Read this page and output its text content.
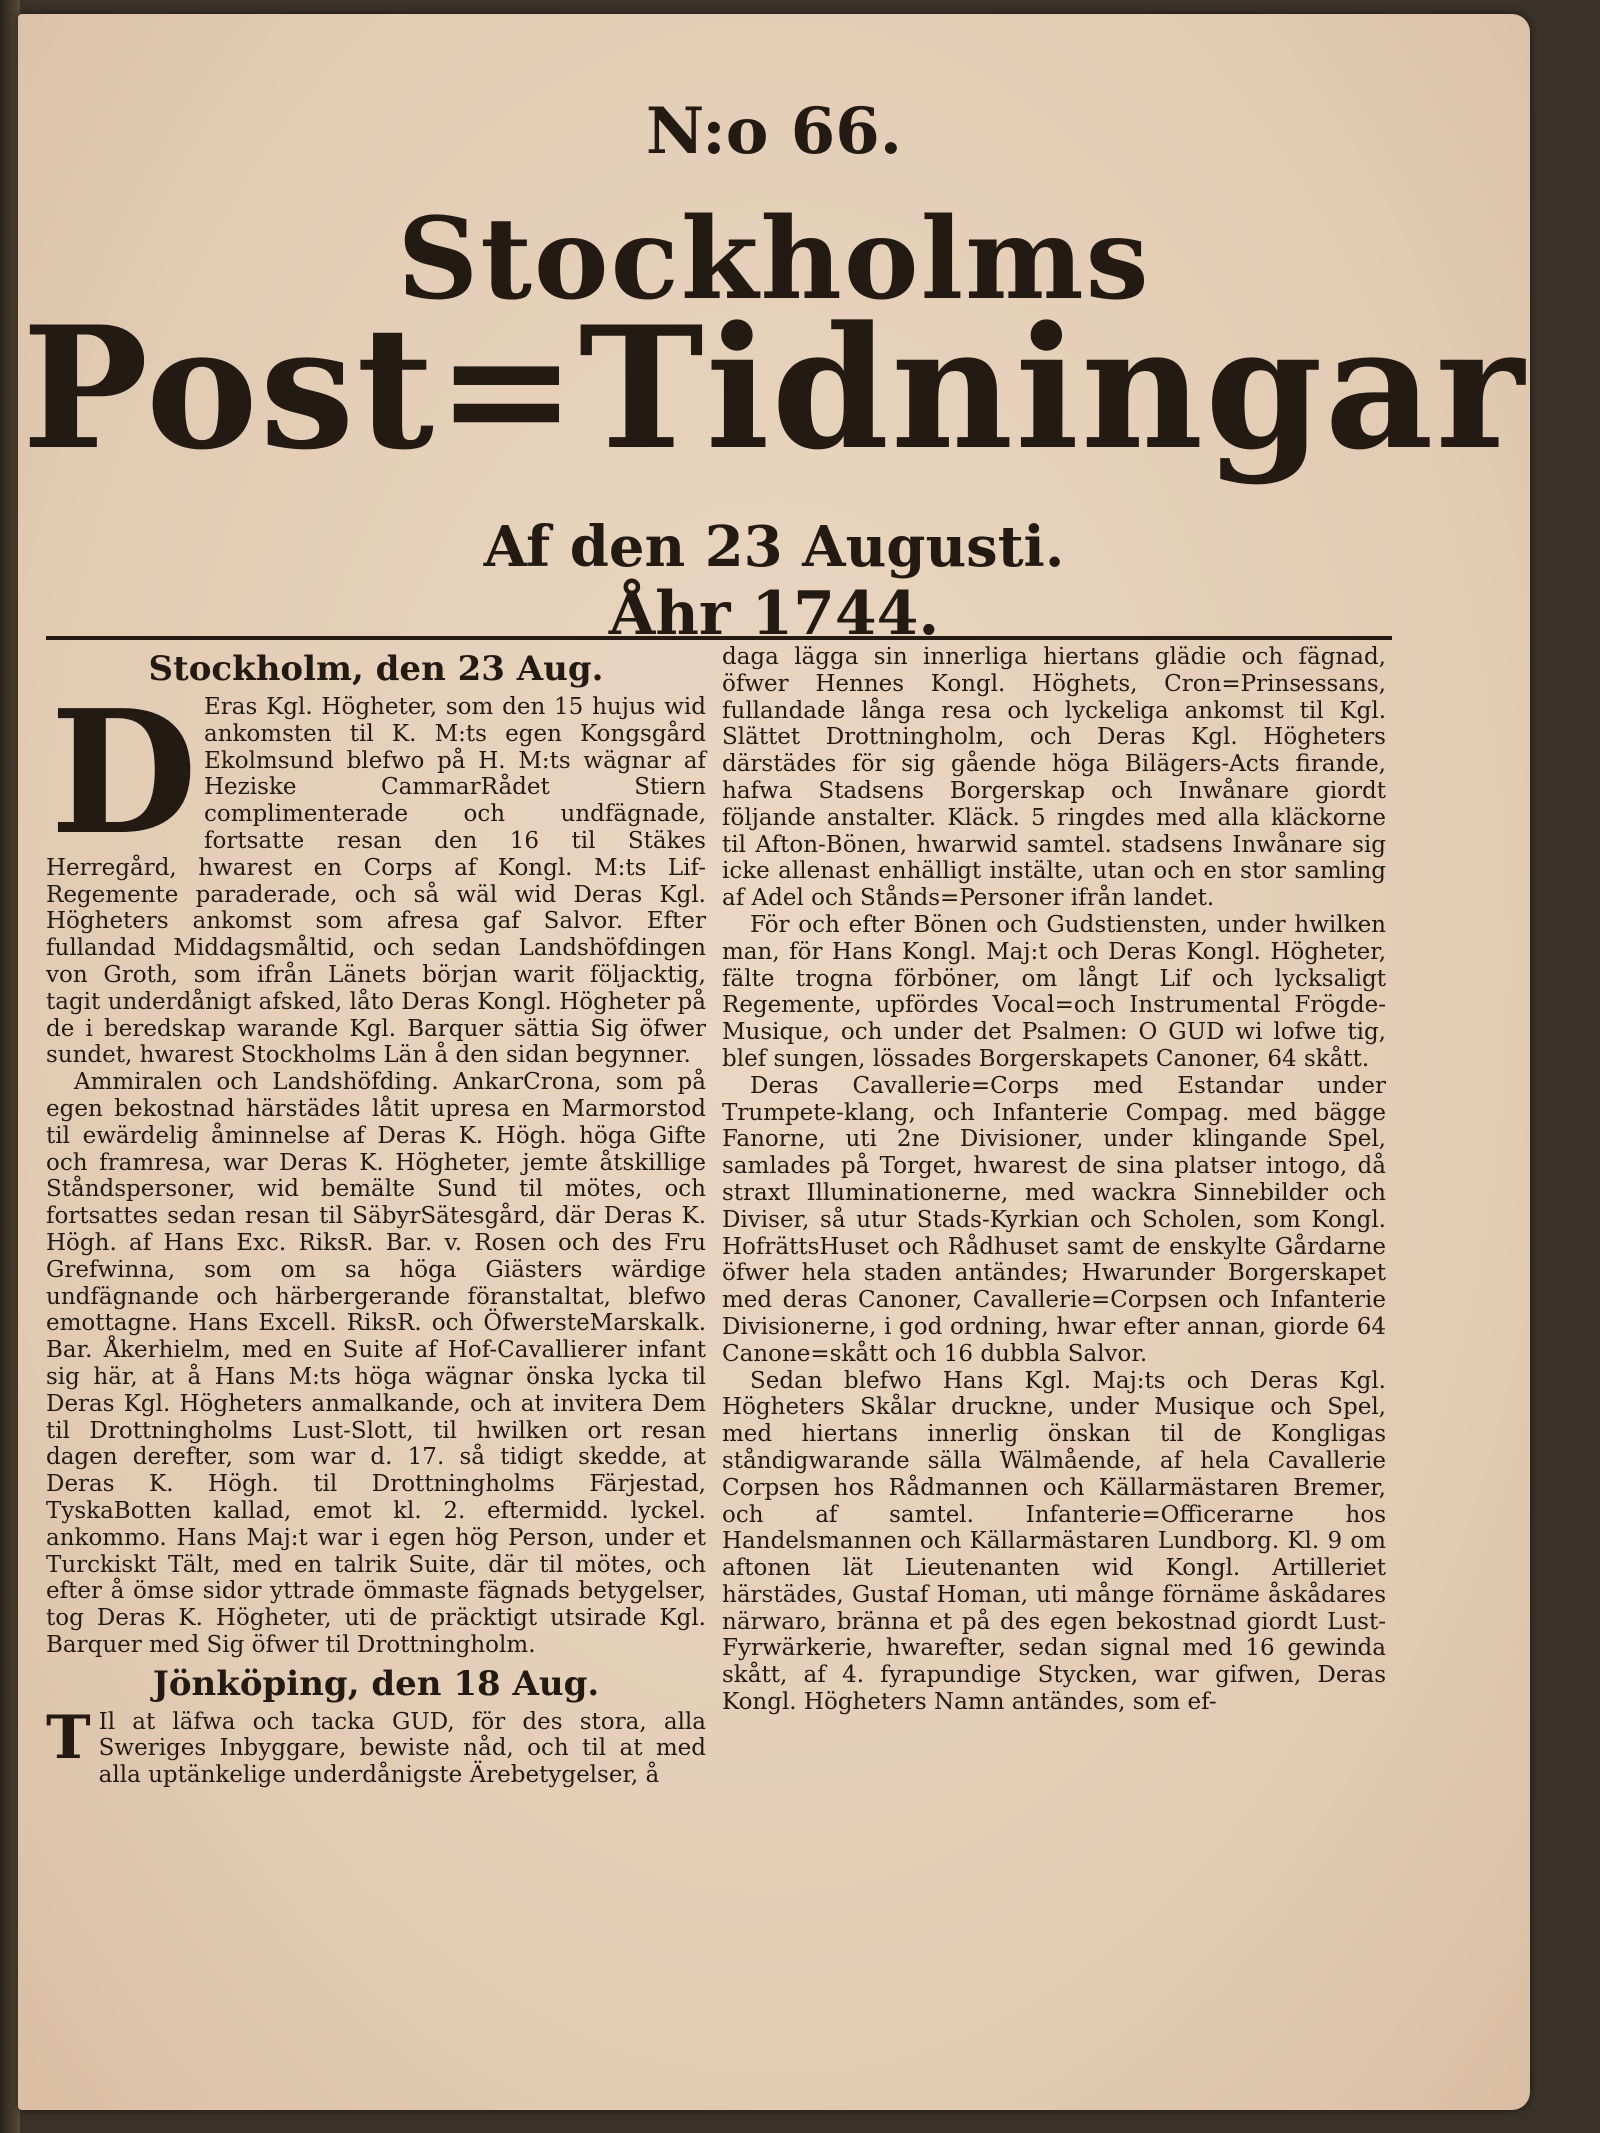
N:o 66.
Stockholms
Post=Tidningar
Af den 23 Augusti.
Åhr 1744.

Stockholm, den 23 Aug.

D Eras Kgl. Högheter, som den 15 hujus wid ankomsten til K. M:ts egen Kongsgård Ekolmsund blefwo på H. M:ts wägnar af Heziske CammarRådet Stiern complimenterade och undfägnade, fortsatte resan den 16 til Stäkes Herregård, hwarest en Corps af Kongl. M:ts Lif-Regemente paraderade, och så wäl wid Deras Kgl. Högheters ankomst som afresa gaf Salvor. Efter fullandad Middagsmåltid, och sedan Landshöfdingen von Groth, som ifrån Länets början warit följacktig, tagit underdånigt afsked, låto Deras Kongl. Högheter på de i beredskap warande Kgl. Barquer sättia Sig öfwer sundet, hwarest Stockholms Län å den sidan begynner.

Ammiralen och Landshöfding. AnkarCrona, som på egen bekostnad härstädes låtit upresa en Marmorstod til ewärdelig åminnelse af Deras K. Högh. höga Gifte och framresa, war Deras K. Högheter, jemte åtskillige Ståndspersoner, wid bemälte Sund til mötes, och fortsattes sedan resan til SäbyrSätesgård, där Deras K. Högh. af Hans Exc. RiksR. Bar. v. Rosen och des Fru Grefwinna, som om sa höga Giästers wärdige undfägnande och härbergerande föranstaltat, blefwo emottagne. Hans Excell. RiksR. och ÖfwersteMarskalk. Bar. Åkerhielm, med en Suite af Hof-Cavallierer infant sig här, at å Hans M:ts höga wägnar önska lycka til Deras Kgl. Högheters anmalkande, och at invitera Dem til Drottningholms Lust-Slott, til hwilken ort resan dagen derefter, som war d. 17. så tidigt skedde, at Deras K. Högh. til Drottningholms Färjestad, TyskaBotten kallad, emot kl. 2. eftermidd. lyckel. ankommo. Hans Maj:t war i egen hög Person, under et Turckiskt Tält, med en talrik Suite, där til mötes, och efter å ömse sidor yttrade ömmaste fägnads betygelser, tog Deras K. Högheter, uti de präcktigt utsirade Kgl. Barquer med Sig öfwer til Drottningholm.

Jönköping, den 18 Aug.

T Il at läfwa och tacka GUD, för des stora, alla Sweriges Inbyggare, bewiste nåd, och til at med alla uptänkelige underdånigste Ärebetygelser, å

daga lägga sin innerliga hiertans glädie och fägnad, öfwer Hennes Kongl. Höghets, Cron=Prinsessans, fullandade långa resa och lyckeliga ankomst til Kgl. Slättet Drottningholm, och Deras Kgl. Högheters därstädes för sig gående höga Bilägers-Acts firande, hafwa Stadsens Borgerskap och Inwånare giordt följande anstalter. Kläck. 5 ringdes med alla kläckorne til Afton-Bönen, hwarwid samtel. stadsens Inwånare sig icke allenast enhälligt instälte, utan och en stor samling af Adel och Stånds=Personer ifrån landet.

För och efter Bönen och Gudstiensten, under hwilken man, för Hans Kongl. Maj:t och Deras Kongl. Högheter, fälte trogna förböner, om långt Lif och lycksaligt Regemente, upfördes Vocal=och Instrumental Frögde-Musique, och under det Psalmen: O GUD wi lofwe tig, blef sungen, lössades Borgerskapets Canoner, 64 skått.

Deras Cavallerie=Corps med Estandar under Trumpete-klang, och Infanterie Compag. med bägge Fanorne, uti 2ne Divisioner, under klingande Spel, samlades på Torget, hwarest de sina platser intogo, då straxt Illuminationerne, med wackra Sinnebilder och Diviser, så utur Stads-Kyrkian och Scholen, som Kongl. HofrättsHuset och Rådhuset samt de enskylte Gårdarne öfwer hela staden antändes; Hwarunder Borgerskapet med deras Canoner, Cavallerie=Corpsen och Infanterie Divisionerne, i god ordning, hwar efter annan, giorde 64 Canone=skått och 16 dubbla Salvor.

Sedan blefwo Hans Kgl. Maj:ts och Deras Kgl. Högheters Skålar druckne, under Musique och Spel, med hiertans innerlig önskan til de Kongligas ståndigwarande sälla Wälmående, af hela Cavallerie Corpsen hos Rådmannen och Källarmästaren Bremer, och af samtel. Infanterie=Officerarne hos Handelsmannen och Källarmästaren Lundborg. Kl. 9 om aftonen lät Lieutenanten wid Kongl. Artilleriet härstädes, Gustaf Homan, uti månge förnäme åskådares närwaro, bränna et på des egen bekostnad giordt Lust-Fyrwärkerie, hwarefter, sedan signal med 16 gewinda skått, af 4. fyrapundige Stycken, war gifwen, Deras Kongl. Högheters Namn antändes, som ef-
